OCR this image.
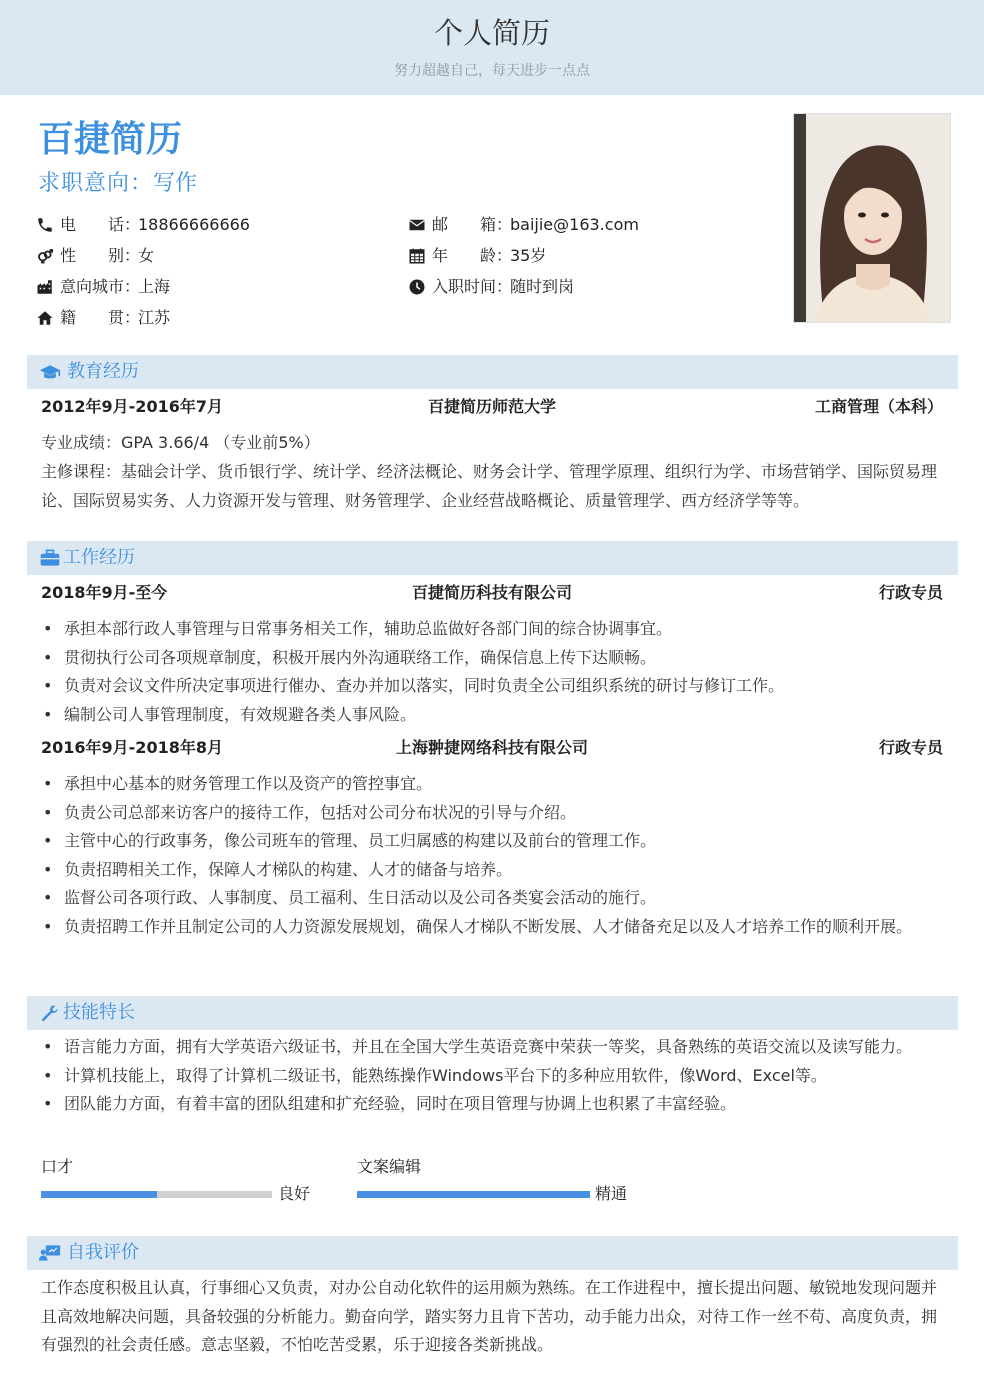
个人简历
努力超越自己，每天进步一点点
百捷简历
求职意向：写作
电　　话：
18866666666
性　　别：
女
意向城市：
上海
籍　　贯：
江苏
邮　　箱：
baijie@163.com
年　　龄：
35岁
入职时间：
随时到岗
教育经历
2012年9月-2016年7月	百捷简历师范大学	工商管理（本科）
专业成绩：GPA 3.66/4 （专业前5%）
主修课程：基础会计学、货币银行学、统计学、经济法概论、财务会计学、管理学原理、组织行为学、市场营销学、国际贸易理论、国际贸易实务、人力资源开发与管理、财务管理学、企业经营战略概论、质量管理学、西方经济学等等。
工作经历
2018年9月-至今	百捷简历科技有限公司	行政专员
• 承担本部行政人事管理与日常事务相关工作，辅助总监做好各部门间的综合协调事宜。
• 贯彻执行公司各项规章制度，积极开展内外沟通联络工作，确保信息上传下达顺畅。
• 负责对会议文件所决定事项进行催办、查办并加以落实，同时负责全公司组织系统的研讨与修订工作。
• 编制公司人事管理制度，有效规避各类人事风险。
2016年9月-2018年8月	上海翀捷网络科技有限公司	行政专员
• 承担中心基本的财务管理工作以及资产的管控事宜。
• 负责公司总部来访客户的接待工作，包括对公司分布状况的引导与介绍。
• 主管中心的行政事务，像公司班车的管理、员工归属感的构建以及前台的管理工作。
• 负责招聘相关工作，保障人才梯队的构建、人才的储备与培养。
• 监督公司各项行政、人事制度、员工福利、生日活动以及公司各类宴会活动的施行。
• 负责招聘工作并且制定公司的人力资源发展规划，确保人才梯队不断发展、人才储备充足以及人才培养工作的顺利开展。
技能特长
• 语言能力方面，拥有大学英语六级证书，并且在全国大学生英语竞赛中荣获一等奖，具备熟练的英语交流以及读写能力。
• 计算机技能上，取得了计算机二级证书，能熟练操作Windows平台下的多种应用软件，像Word、Excel等。
• 团队能力方面，有着丰富的团队组建和扩充经验，同时在项目管理与协调上也积累了丰富经验。
口才
良好
文案编辑
精通
自我评价
工作态度积极且认真，行事细心又负责，对办公自动化软件的运用颇为熟练。在工作进程中，擅长提出问题、敏锐地发现问题并且高效地解决问题，具备较强的分析能力。勤奋向学，踏实努力且肯下苦功，动手能力出众，对待工作一丝不苟、高度负责，拥有强烈的社会责任感。意志坚毅，不怕吃苦受累，乐于迎接各类新挑战。
